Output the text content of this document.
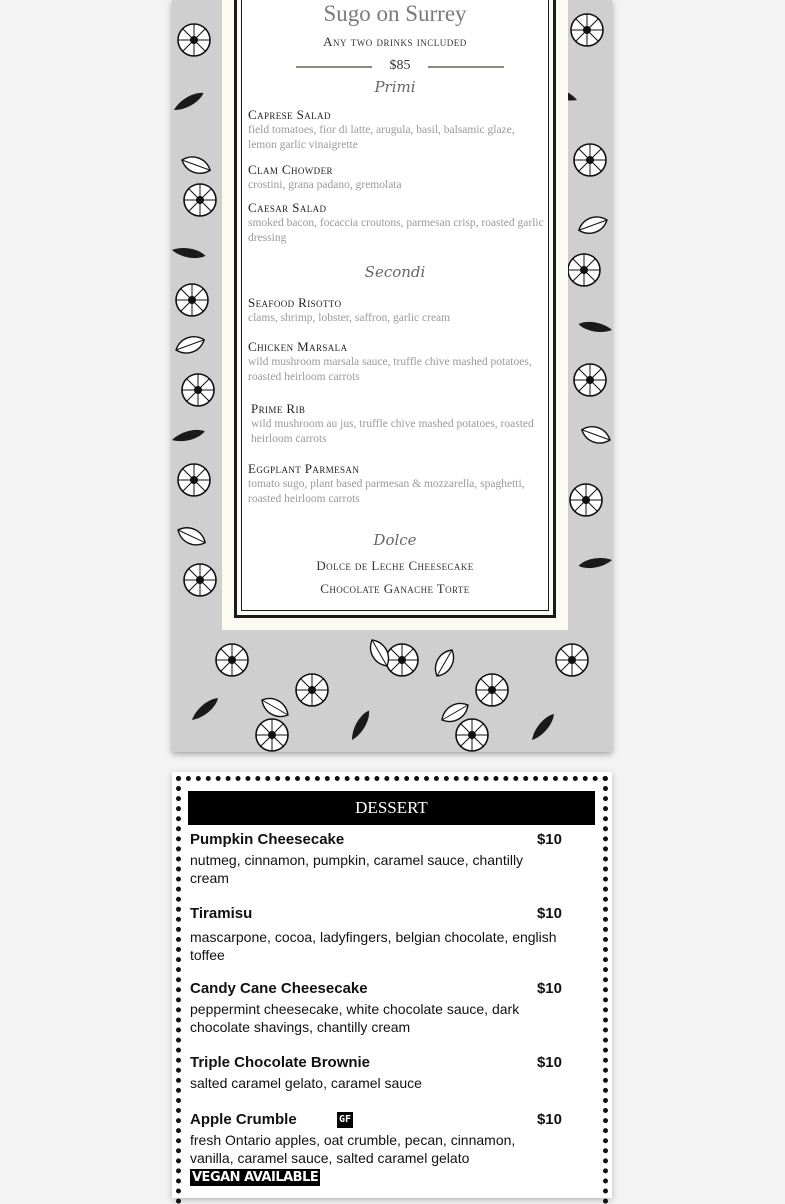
Sugo on Surrey
Any two drinks included
$85
Primi
Caprese Salad
field tomatoes, fior di latte, arugula, basil, balsamic glaze, lemon garlic vinaigrette
Clam Chowder
crostini, grana padano, gremolata
Caesar Salad
smoked bacon, focaccia croutons, parmesan crisp, roasted garlic dressing
Secondi
Seafood Risotto
clams, shrimp, lobster, saffron, garlic cream
Chicken Marsala
wild mushroom marsala sauce, truffle chive mashed potatoes, roasted heirloom carrots
Prime Rib
wild mushroom au jus, truffle chive mashed potatoes, roasted heirloom carrots
Eggplant Parmesan
tomato sugo, plant based parmesan & mozzarella, spaghetti, roasted heirloom carrots
Dolce
Dolce de Leche Cheesecake
Chocolate Ganache Torte
DESSERT
Pumpkin Cheesecake	$10
nutmeg, cinnamon, pumpkin, caramel sauce, chantilly cream
Tiramisu	$10
mascarpone, cocoa, ladyfingers, belgian chocolate, english toffee
Candy Cane Cheesecake	$10
peppermint cheesecake, white chocolate sauce, dark chocolate shavings, chantilly cream
Triple Chocolate Brownie	$10
salted caramel gelato, caramel sauce
Apple Crumble	GF	$10
fresh Ontario apples, oat crumble, pecan, cinnamon, vanilla, caramel sauce, salted caramel gelato
VEGAN AVAILABLE
